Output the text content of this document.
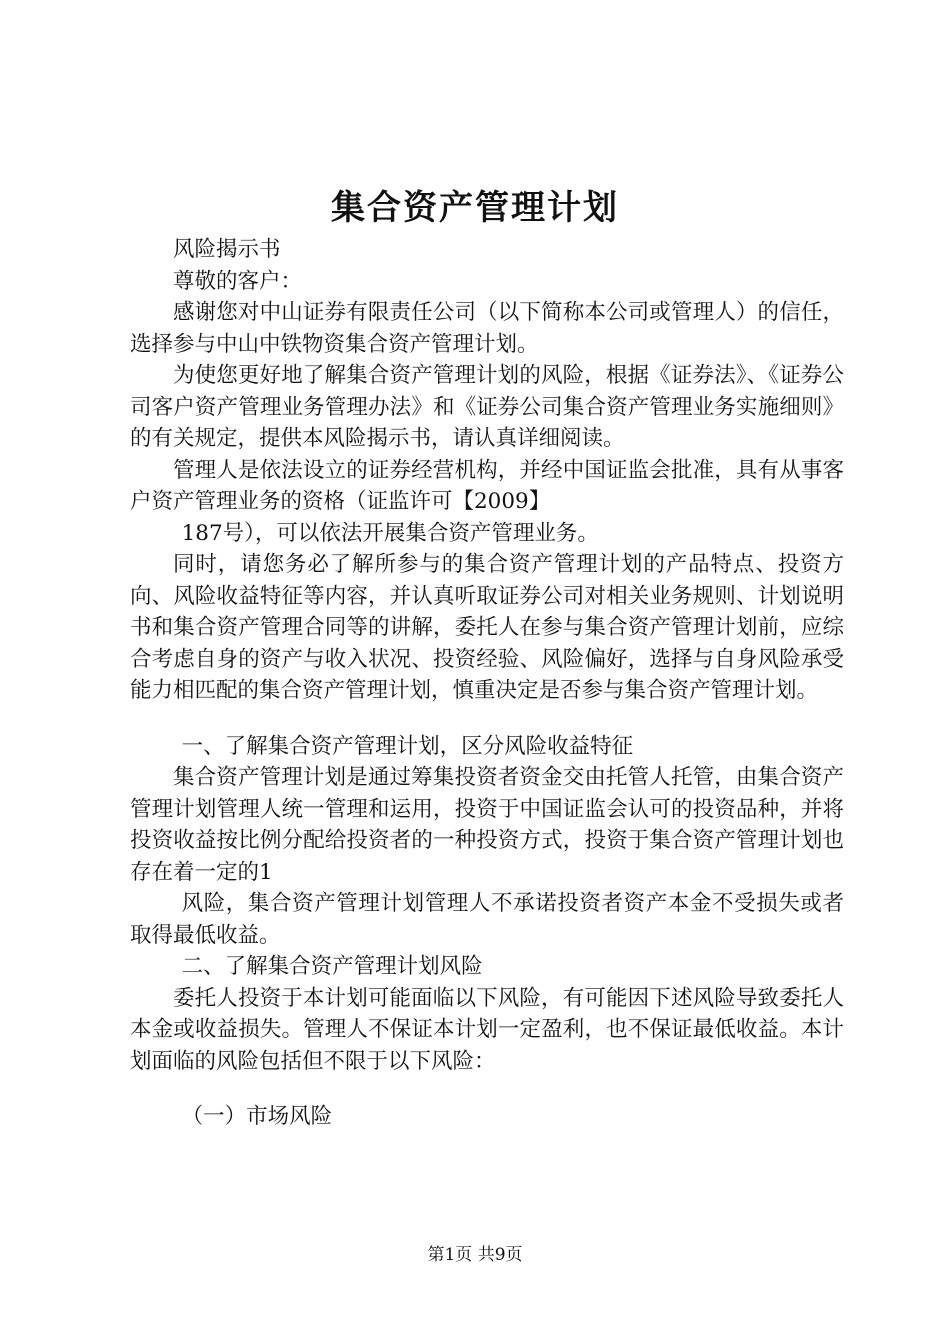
集合资产管理计划

风险揭示书

尊敬的客户：

感谢您对中山证券有限责任公司（以下简称本公司或管理人）的信任，选择参与中山中铁物资集合资产管理计划。

为使您更好地了解集合资产管理计划的风险，根据《证券法》、《证券公司客户资产管理业务管理办法》和《证券公司集合资产管理业务实施细则》的有关规定，提供本风险揭示书，请认真详细阅读。

管理人是依法设立的证券经营机构，并经中国证监会批准，具有从事客户资产管理业务的资格（证监许可【2009】

187号），可以依法开展集合资产管理业务。

同时，请您务必了解所参与的集合资产管理计划的产品特点、投资方向、风险收益特征等内容，并认真听取证券公司对相关业务规则、计划说明书和集合资产管理合同等的讲解，委托人在参与集合资产管理计划前，应综合考虑自身的资产与收入状况、投资经验、风险偏好，选择与自身风险承受能力相匹配的集合资产管理计划，慎重决定是否参与集合资产管理计划。

一、了解集合资产管理计划，区分风险收益特征

集合资产管理计划是通过筹集投资者资金交由托管人托管，由集合资产管理计划管理人统一管理和运用，投资于中国证监会认可的投资品种，并将投资收益按比例分配给投资者的一种投资方式，投资于集合资产管理计划也存在着一定的1

风险，集合资产管理计划管理人不承诺投资者资产本金不受损失或者取得最低收益。

二、了解集合资产管理计划风险

委托人投资于本计划可能面临以下风险，有可能因下述风险导致委托人本金或收益损失。管理人不保证本计划一定盈利，也不保证最低收益。本计划面临的风险包括但不限于以下风险：

（一）市场风险

第1页 共9页
